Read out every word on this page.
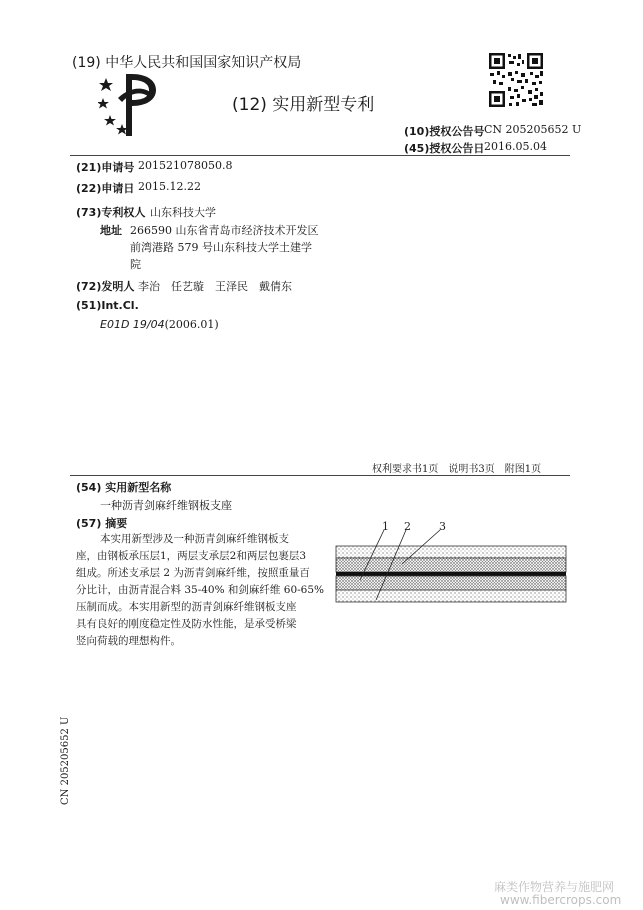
(19) 中华人民共和国国家知识产权局
(12) 实用新型专利
(10)授权公告号 CN 205205652 U
(45)授权公告日 2016.05.04
(21)申请号 201521078050.8
(22)申请日 2015.12.22
(73)专利权人 山东科技大学
地址 266590 山东省青岛市经济技术开发区
前湾港路 579 号山东科技大学土建学
院
(72)发明人 李治　任艺璇　王泽民　戴倩东
(51)Int.Cl.
E01D 19/04(2006.01)
权利要求书1页　说明书3页　附图1页
(54) 实用新型名称
一种沥青剑麻纤维钢板支座
(57) 摘要
本实用新型涉及一种沥青剑麻纤维钢板支
座，由钢板承压层1，两层支承层2和两层包裹层3
组成。所述支承层 2 为沥青剑麻纤维，按照重量百
分比计，由沥青混合料 35-40% 和剑麻纤维 60-65%
压制而成。本实用新型的沥青剑麻纤维钢板支座
具有良好的刚度稳定性及防水性能，是承受桥梁
竖向荷载的理想构件。
1 2	3
CN 205205652 U
麻类作物营养与施肥网
www.fibercrops.com
